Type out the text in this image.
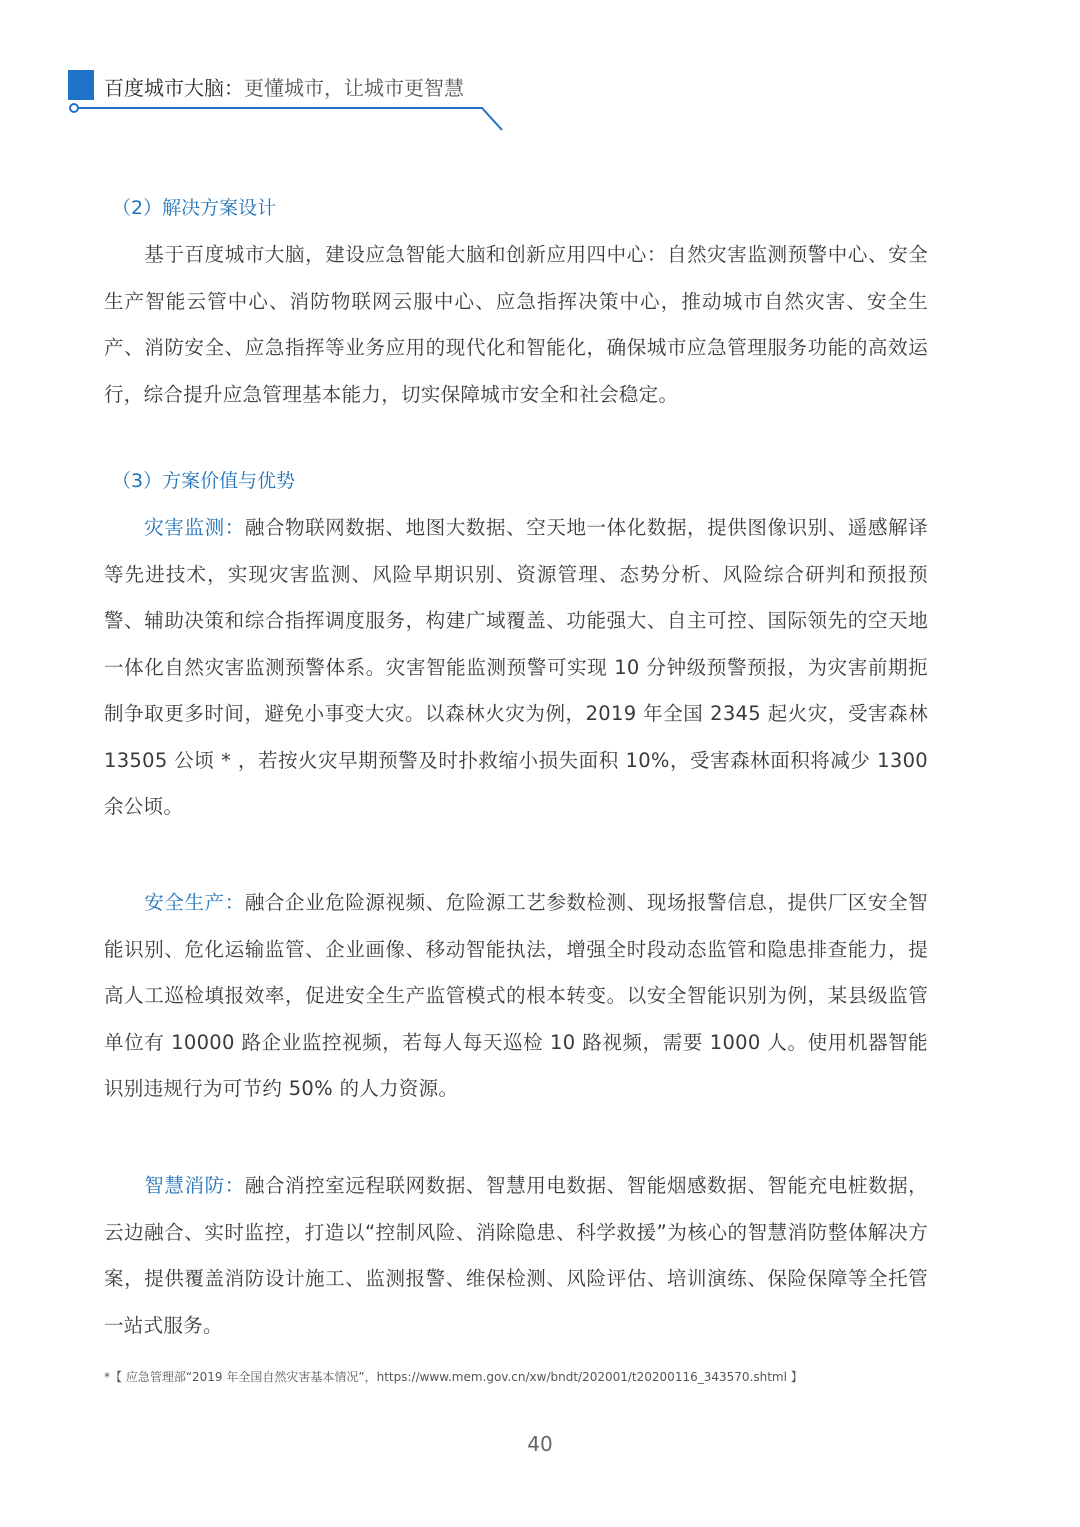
百度城市大脑：更懂城市，让城市更智慧
（2）解决方案设计
基于百度城市大脑，建设应急智能大脑和创新应用四中心：自然灾害监测预警中心、安全生产智能云管中心、消防物联网云服中心、应急指挥决策中心，推动城市自然灾害、安全生产、消防安全、应急指挥等业务应用的现代化和智能化，确保城市应急管理服务功能的高效运行，综合提升应急管理基本能力，切实保障城市安全和社会稳定。
（3）方案价值与优势
灾害监测：融合物联网数据、地图大数据、空天地一体化数据，提供图像识别、遥感解译等先进技术，实现灾害监测、风险早期识别、资源管理、态势分析、风险综合研判和预报预警、辅助决策和综合指挥调度服务，构建广域覆盖、功能强大、自主可控、国际领先的空天地一体化自然灾害监测预警体系。灾害智能监测预警可实现 10 分钟级预警预报，为灾害前期扼制争取更多时间，避免小事变大灾。以森林火灾为例，2019 年全国 2345 起火灾，受害森林 13505 公顷 * ，若按火灾早期预警及时扑救缩小损失面积 10%，受害森林面积将减少 1300 余公顷。
安全生产：融合企业危险源视频、危险源工艺参数检测、现场报警信息，提供厂区安全智能识别、危化运输监管、企业画像、移动智能执法，增强全时段动态监管和隐患排查能力，提高人工巡检填报效率，促进安全生产监管模式的根本转变。以安全智能识别为例，某县级监管单位有 10000 路企业监控视频，若每人每天巡检 10 路视频，需要 1000 人。使用机器智能识别违规行为可节约 50% 的人力资源。
智慧消防：融合消控室远程联网数据、智慧用电数据、智能烟感数据、智能充电桩数据，云边融合、实时监控，打造以“控制风险、消除隐患、科学救援”为核心的智慧消防整体解决方案，提供覆盖消防设计施工、监测报警、维保检测、风险评估、培训演练、保险保障等全托管一站式服务。
*【 应急管理部“2019 年全国自然灾害基本情况”，https://www.mem.gov.cn/xw/bndt/202001/t20200116_343570.shtml 】
40
